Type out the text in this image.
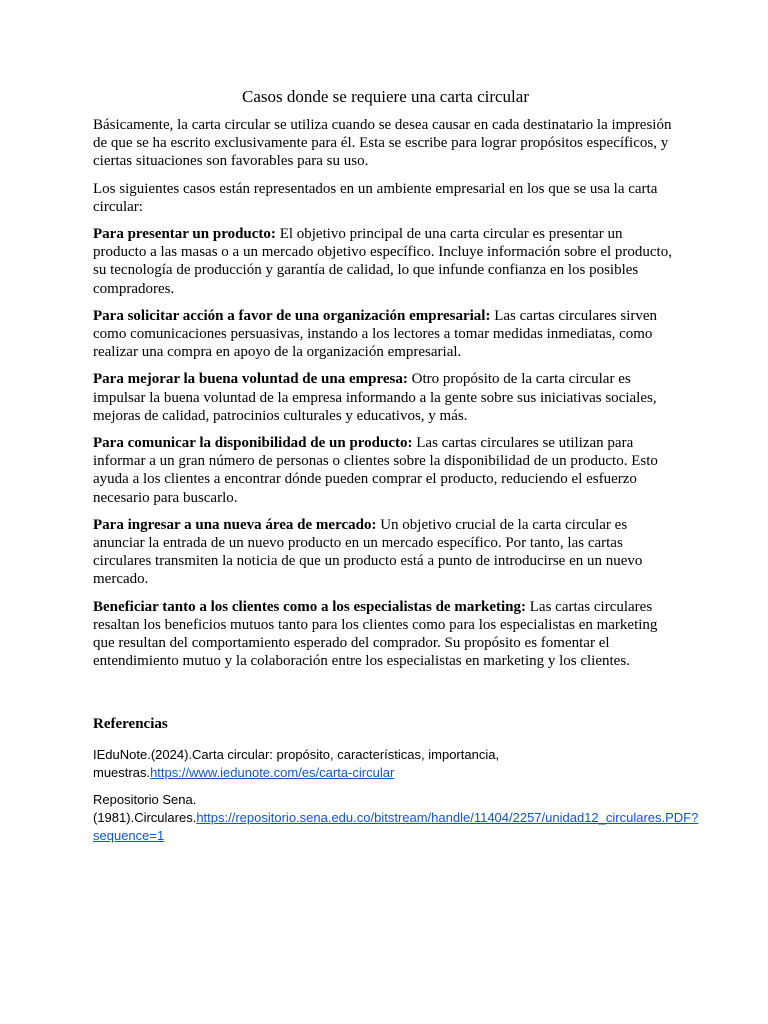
Casos donde se requiere una carta circular

Básicamente, la carta circular se utiliza cuando se desea causar en cada destinatario la impresión de que se ha escrito exclusivamente para él. Esta se escribe para lograr propósitos específicos, y ciertas situaciones son favorables para su uso.

Los siguientes casos están representados en un ambiente empresarial en los que se usa la carta circular:

Para presentar un producto: El objetivo principal de una carta circular es presentar un producto a las masas o a un mercado objetivo específico. Incluye información sobre el producto, su tecnología de producción y garantía de calidad, lo que infunde confianza en los posibles compradores.

Para solicitar acción a favor de una organización empresarial: Las cartas circulares sirven como comunicaciones persuasivas, instando a los lectores a tomar medidas inmediatas, como realizar una compra en apoyo de la organización empresarial.

Para mejorar la buena voluntad de una empresa: Otro propósito de la carta circular es impulsar la buena voluntad de la empresa informando a la gente sobre sus iniciativas sociales, mejoras de calidad, patrocinios culturales y educativos, y más.

Para comunicar la disponibilidad de un producto: Las cartas circulares se utilizan para informar a un gran número de personas o clientes sobre la disponibilidad de un producto. Esto ayuda a los clientes a encontrar dónde pueden comprar el producto, reduciendo el esfuerzo necesario para buscarlo.

Para ingresar a una nueva área de mercado: Un objetivo crucial de la carta circular es anunciar la entrada de un nuevo producto en un mercado específico. Por tanto, las cartas circulares transmiten la noticia de que un producto está a punto de introducirse en un nuevo mercado.

Beneficiar tanto a los clientes como a los especialistas de marketing: Las cartas circulares resaltan los beneficios mutuos tanto para los clientes como para los especialistas en marketing que resultan del comportamiento esperado del comprador. Su propósito es fomentar el entendimiento mutuo y la colaboración entre los especialistas en marketing y los clientes.

Referencias

IEduNote.(2024).Carta circular: propósito, características, importancia, muestras.https://www.iedunote.com/es/carta-circular

Repositorio Sena.(1981).Circulares.https://repositorio.sena.edu.co/bitstream/handle/11404/2257/unidad12_circulares.PDF?sequence=1
